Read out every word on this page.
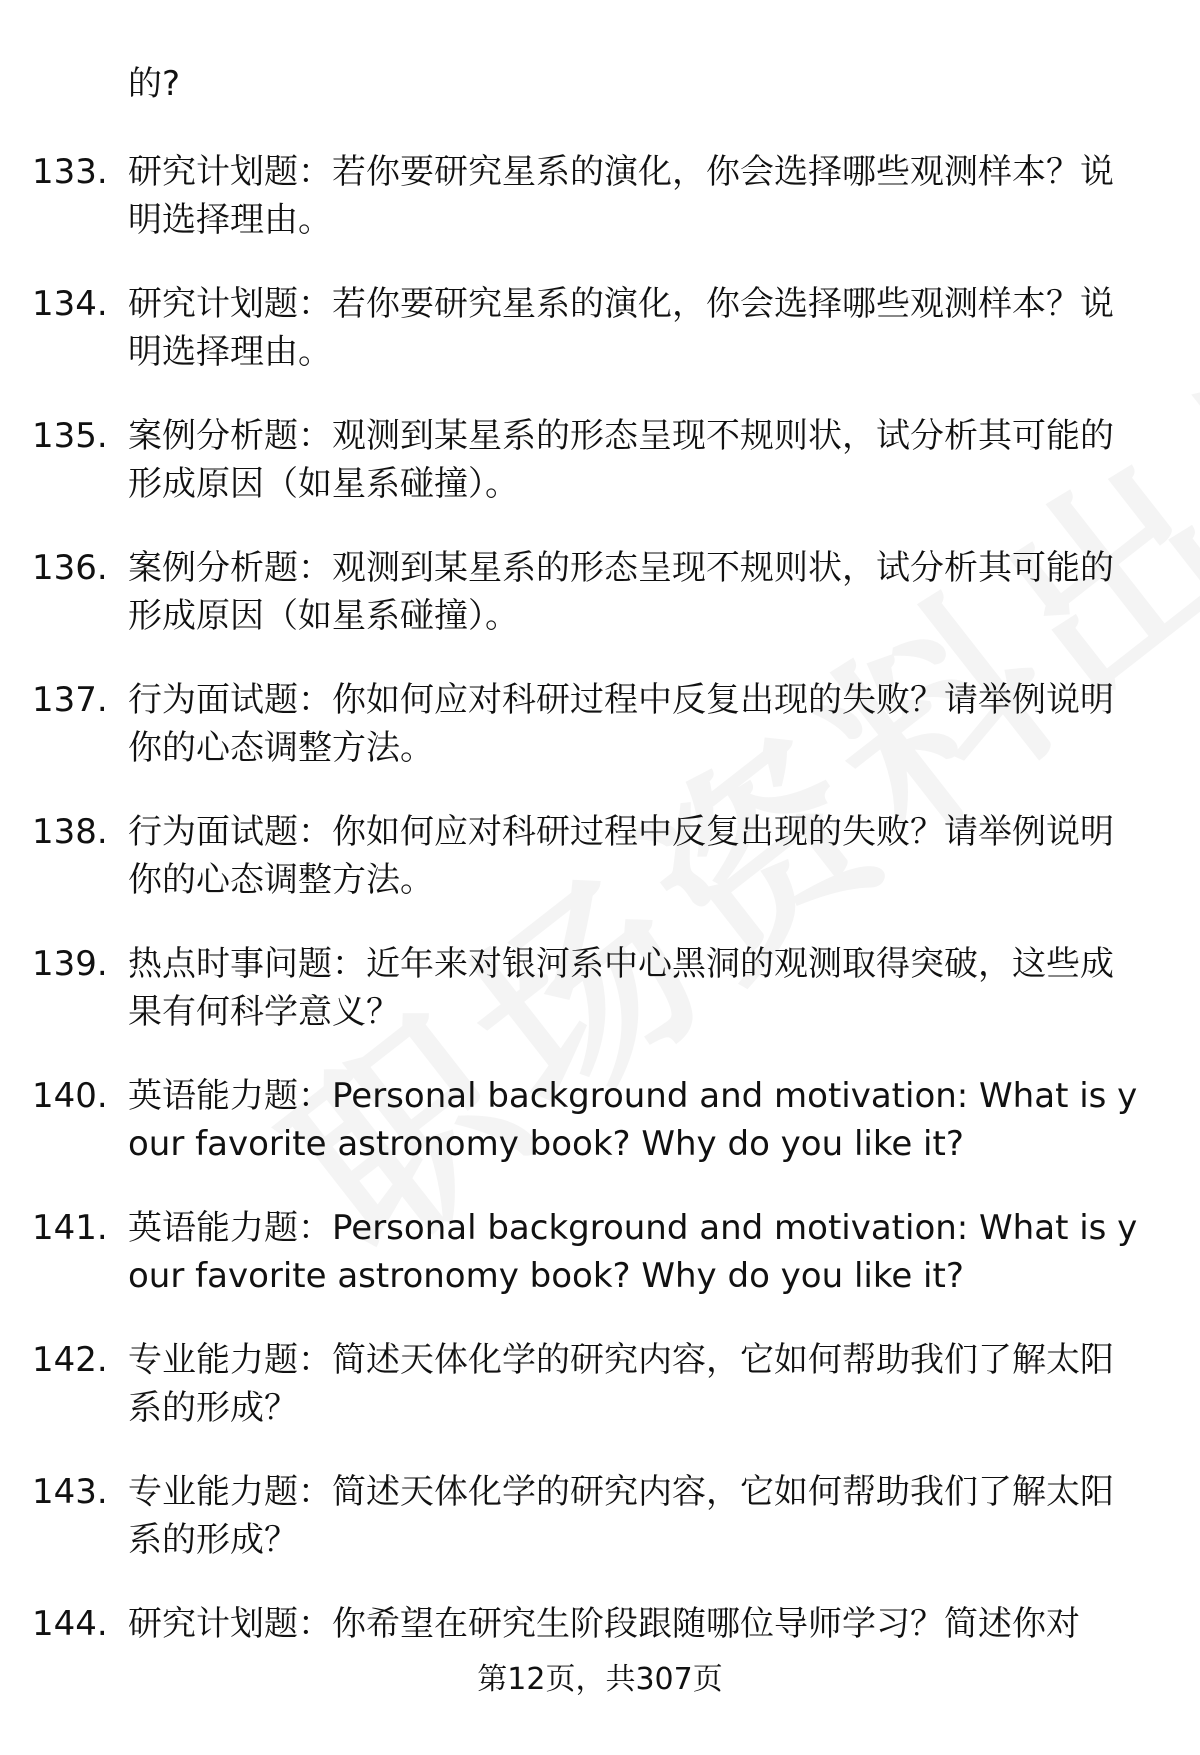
的?

133. 研究计划题：若你要研究星系的演化，你会选择哪些观测样本？说明选择理由。

134. 研究计划题：若你要研究星系的演化，你会选择哪些观测样本？说明选择理由。

135. 案例分析题：观测到某星系的形态呈现不规则状，试分析其可能的形成原因（如星系碰撞）。

136. 案例分析题：观测到某星系的形态呈现不规则状，试分析其可能的形成原因（如星系碰撞）。

137. 行为面试题：你如何应对科研过程中反复出现的失败？请举例说明你的心态调整方法。

138. 行为面试题：你如何应对科研过程中反复出现的失败？请举例说明你的心态调整方法。

139. 热点时事问题：近年来对银河系中心黑洞的观测取得突破，这些成果有何科学意义？

140. 英语能力题：Personal background and motivation: What is your favorite astronomy book? Why do you like it?

141. 英语能力题：Personal background and motivation: What is your favorite astronomy book? Why do you like it?

142. 专业能力题：简述天体化学的研究内容，它如何帮助我们了解太阳系的形成？

143. 专业能力题：简述天体化学的研究内容，它如何帮助我们了解太阳系的形成？

144. 研究计划题：你希望在研究生阶段跟随哪位导师学习？简述你对

第12页，共307页
